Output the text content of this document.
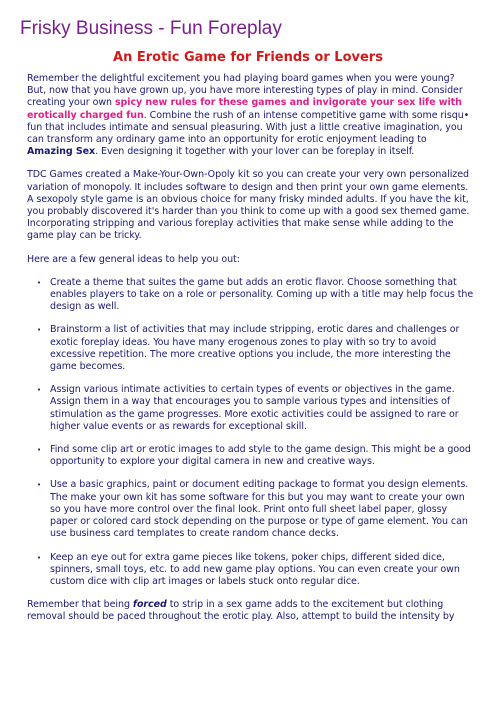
Frisky Business - Fun Foreplay
An Erotic Game for Friends or Lovers

Remember the delightful excitement you had playing board games when you were young? But, now that you have grown up, you have more interesting types of play in mind. Consider creating your own spicy new rules for these games and invigorate your sex life with erotically charged fun. Combine the rush of an intense competitive game with some risqu• fun that includes intimate and sensual pleasuring. With just a little creative imagination, you can transform any ordinary game into an opportunity for erotic enjoyment leading to Amazing Sex. Even designing it together with your lover can be foreplay in itself.

TDC Games created a Make-Your-Own-Opoly kit so you can create your very own personalized variation of monopoly. It includes software to design and then print your own game elements. A sexopoly style game is an obvious choice for many frisky minded adults. If you have the kit, you probably discovered it's harder than you think to come up with a good sex themed game. Incorporating stripping and various foreplay activities that make sense while adding to the game play can be tricky.

Here are a few general ideas to help you out:

• Create a theme that suites the game but adds an erotic flavor. Choose something that enables players to take on a role or personality. Coming up with a title may help focus the design as well.
• Brainstorm a list of activities that may include stripping, erotic dares and challenges or exotic foreplay ideas. You have many erogenous zones to play with so try to avoid excessive repetition. The more creative options you include, the more interesting the game becomes.
• Assign various intimate activities to certain types of events or objectives in the game. Assign them in a way that encourages you to sample various types and intensities of stimulation as the game progresses. More exotic activities could be assigned to rare or higher value events or as rewards for exceptional skill.
• Find some clip art or erotic images to add style to the game design. This might be a good opportunity to explore your digital camera in new and creative ways.
• Use a basic graphics, paint or document editing package to format you design elements. The make your own kit has some software for this but you may want to create your own so you have more control over the final look. Print onto full sheet label paper, glossy paper or colored card stock depending on the purpose or type of game element. You can use business card templates to create random chance decks.
• Keep an eye out for extra game pieces like tokens, poker chips, different sided dice, spinners, small toys, etc. to add new game play options. You can even create your own custom dice with clip art images or labels stuck onto regular dice.

Remember that being forced to strip in a sex game adds to the excitement but clothing removal should be paced throughout the erotic play. Also, attempt to build the intensity by
